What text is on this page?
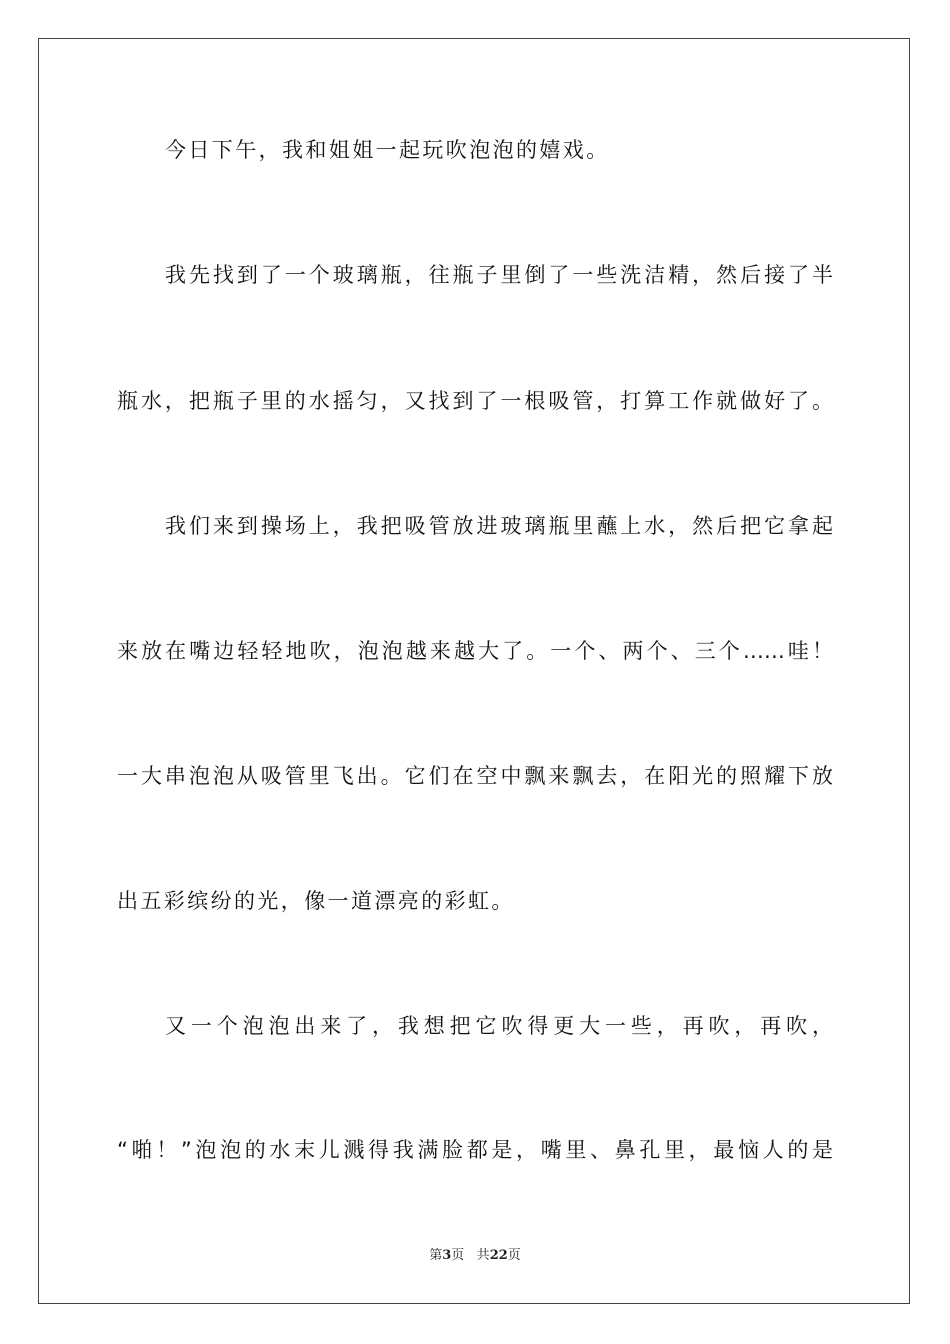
今日下午，我和姐姐一起玩吹泡泡的嬉戏。
我先找到了一个玻璃瓶，往瓶子里倒了一些洗洁精，然后接了半
瓶水，把瓶子里的水摇匀，又找到了一根吸管，打算工作就做好了。
我们来到操场上，我把吸管放进玻璃瓶里蘸上水，然后把它拿起
来放在嘴边轻轻地吹，泡泡越来越大了。一个、两个、三个……哇！
一大串泡泡从吸管里飞出。它们在空中飘来飘去，在阳光的照耀下放
出五彩缤纷的光，像一道漂亮的彩虹。
又一个泡泡出来了，我想把它吹得更大一些，再吹，再吹，
“啪！”泡泡的水末儿溅得我满脸都是，嘴里、鼻孔里，最恼人的是
第3页 共22页
